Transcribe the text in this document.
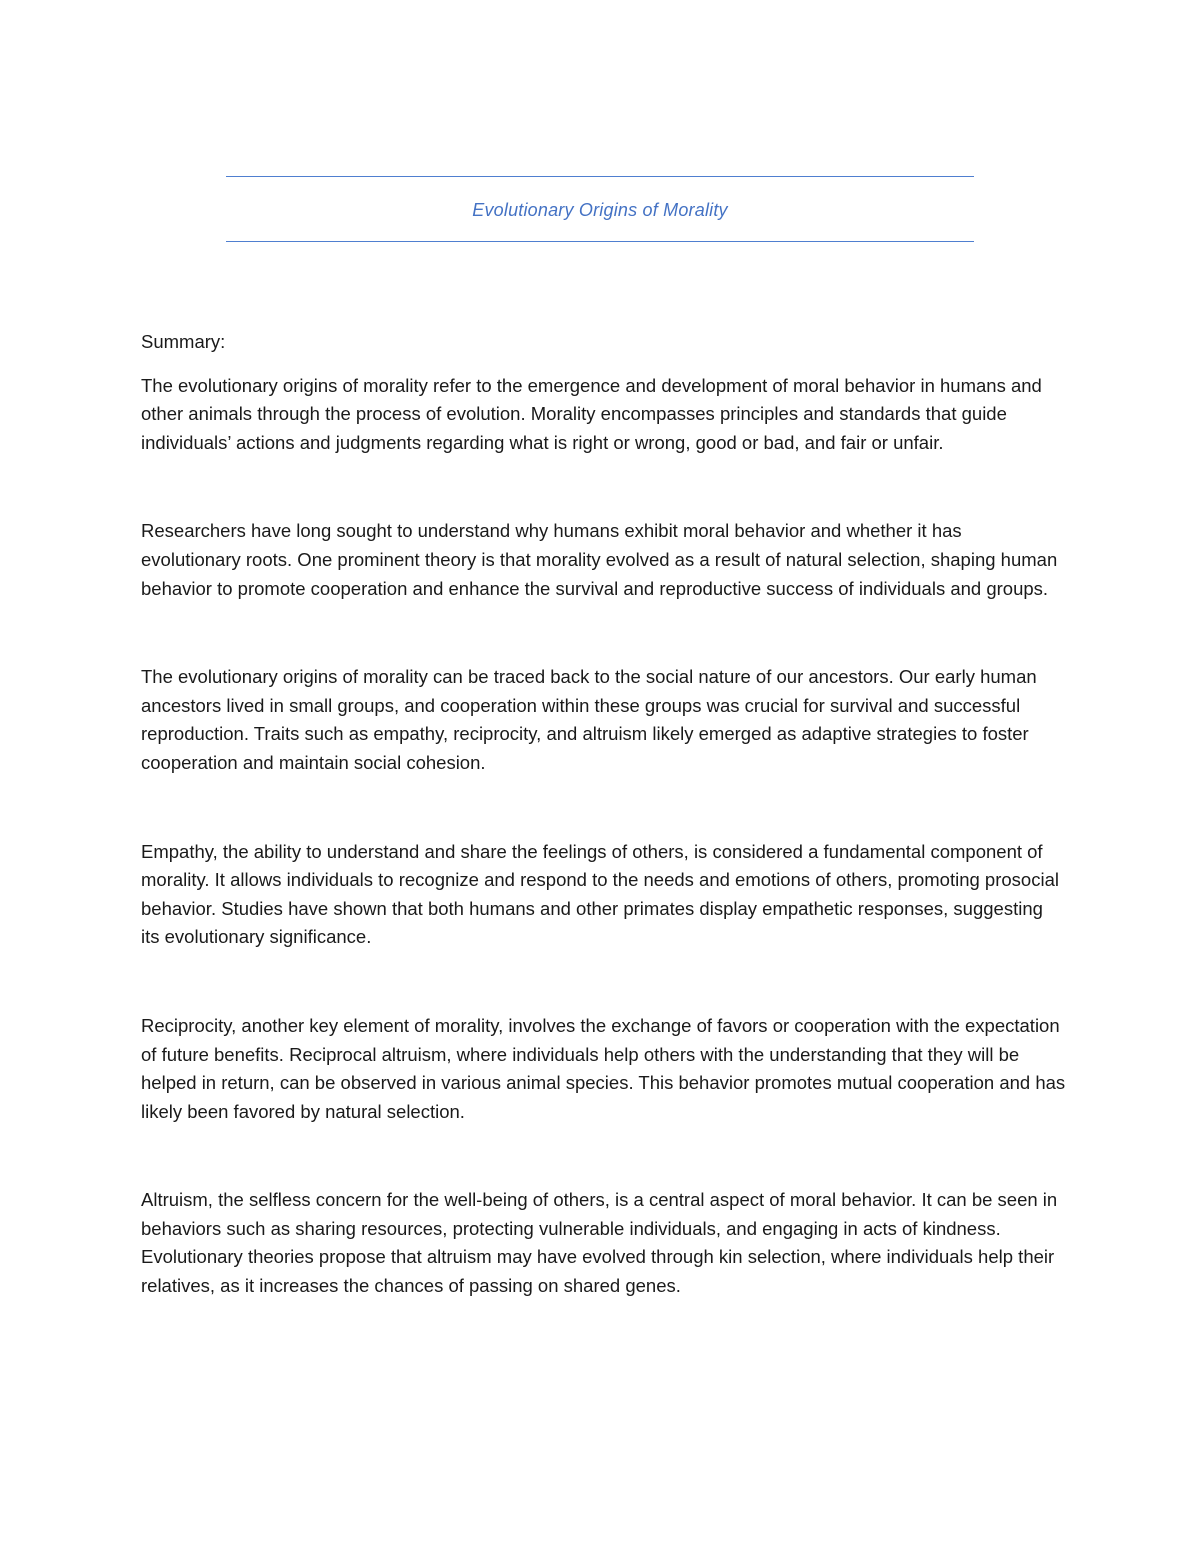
Evolutionary Origins of Morality

Summary:

The evolutionary origins of morality refer to the emergence and development of moral behavior in humans and other animals through the process of evolution. Morality encompasses principles and standards that guide individuals’ actions and judgments regarding what is right or wrong, good or bad, and fair or unfair.

Researchers have long sought to understand why humans exhibit moral behavior and whether it has evolutionary roots. One prominent theory is that morality evolved as a result of natural selection, shaping human behavior to promote cooperation and enhance the survival and reproductive success of individuals and groups.

The evolutionary origins of morality can be traced back to the social nature of our ancestors. Our early human ancestors lived in small groups, and cooperation within these groups was crucial for survival and successful reproduction. Traits such as empathy, reciprocity, and altruism likely emerged as adaptive strategies to foster cooperation and maintain social cohesion.

Empathy, the ability to understand and share the feelings of others, is considered a fundamental component of morality. It allows individuals to recognize and respond to the needs and emotions of others, promoting prosocial behavior. Studies have shown that both humans and other primates display empathetic responses, suggesting its evolutionary significance.

Reciprocity, another key element of morality, involves the exchange of favors or cooperation with the expectation of future benefits. Reciprocal altruism, where individuals help others with the understanding that they will be helped in return, can be observed in various animal species. This behavior promotes mutual cooperation and has likely been favored by natural selection.

Altruism, the selfless concern for the well-being of others, is a central aspect of moral behavior. It can be seen in behaviors such as sharing resources, protecting vulnerable individuals, and engaging in acts of kindness. Evolutionary theories propose that altruism may have evolved through kin selection, where individuals help their relatives, as it increases the chances of passing on shared genes.
